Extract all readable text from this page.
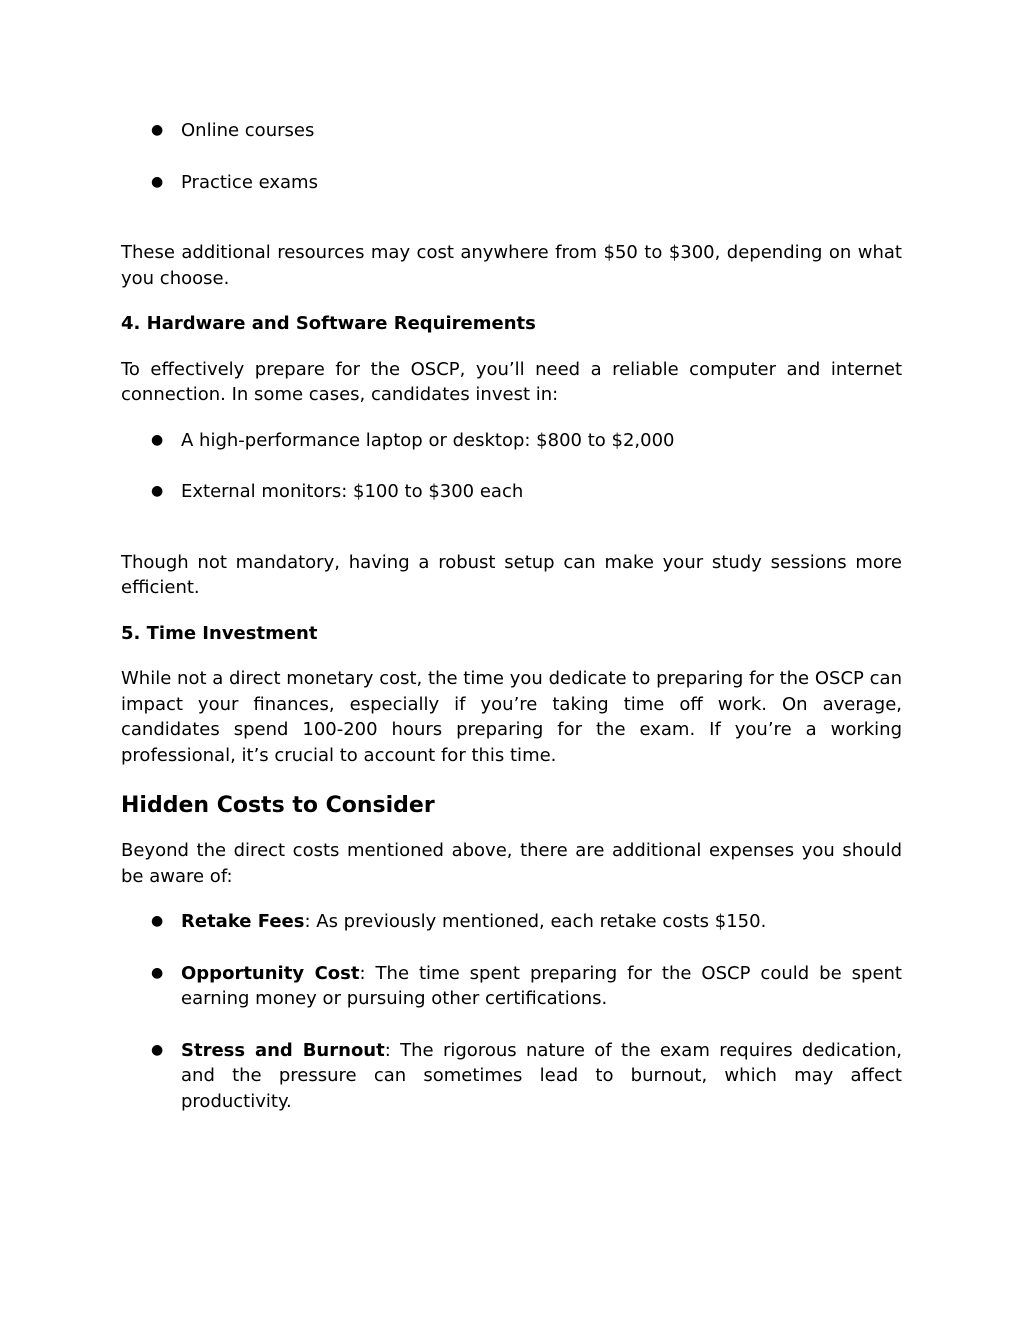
● Online courses
● Practice exams

These additional resources may cost anywhere from $50 to $300, depending on what you choose.

4. Hardware and Software Requirements

To effectively prepare for the OSCP, you’ll need a reliable computer and internet connection. In some cases, candidates invest in:

● A high-performance laptop or desktop: $800 to $2,000
● External monitors: $100 to $300 each

Though not mandatory, having a robust setup can make your study sessions more efficient.

5. Time Investment

While not a direct monetary cost, the time you dedicate to preparing for the OSCP can impact your finances, especially if you’re taking time off work. On average, candidates spend 100-200 hours preparing for the exam. If you’re a working professional, it’s crucial to account for this time.

Hidden Costs to Consider

Beyond the direct costs mentioned above, there are additional expenses you should be aware of:

● Retake Fees: As previously mentioned, each retake costs $150.
● Opportunity Cost: The time spent preparing for the OSCP could be spent earning money or pursuing other certifications.
● Stress and Burnout: The rigorous nature of the exam requires dedication, and the pressure can sometimes lead to burnout, which may affect productivity.
